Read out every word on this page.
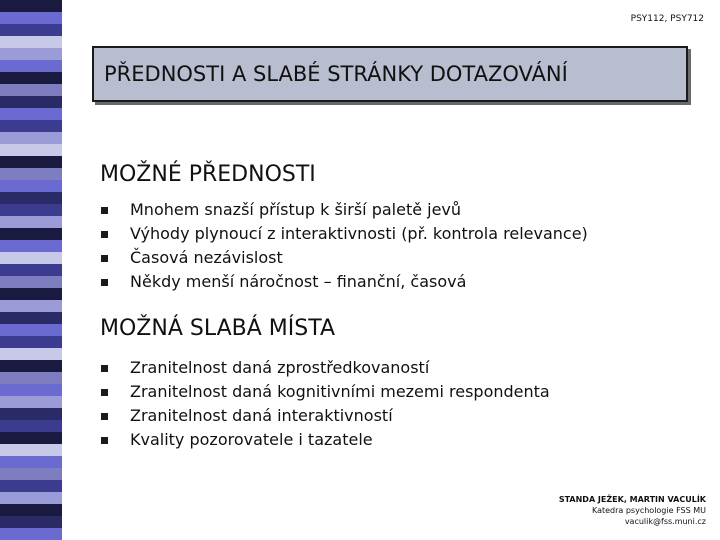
PSY112, PSY712
PŘEDNOSTI A SLABÉ STRÁNKY DOTAZOVÁNÍ
MOŽNÉ PŘEDNOSTI
Mnohem snazší přístup k širší paletě jevů
Výhody plynoucí z interaktivnosti (př. kontrola relevance)
Časová nezávislost
Někdy menší náročnost – finanční, časová
MOŽNÁ SLABÁ MÍSTA
Zranitelnost daná zprostředkovaností
Zranitelnost daná kognitivními mezemi respondenta
Zranitelnost daná interaktivností
Kvality pozorovatele i tazatele
STANDA JEŽEK, MARTIN VACULÍK
Katedra psychologie FSS MU
vaculik@fss.muni.cz
